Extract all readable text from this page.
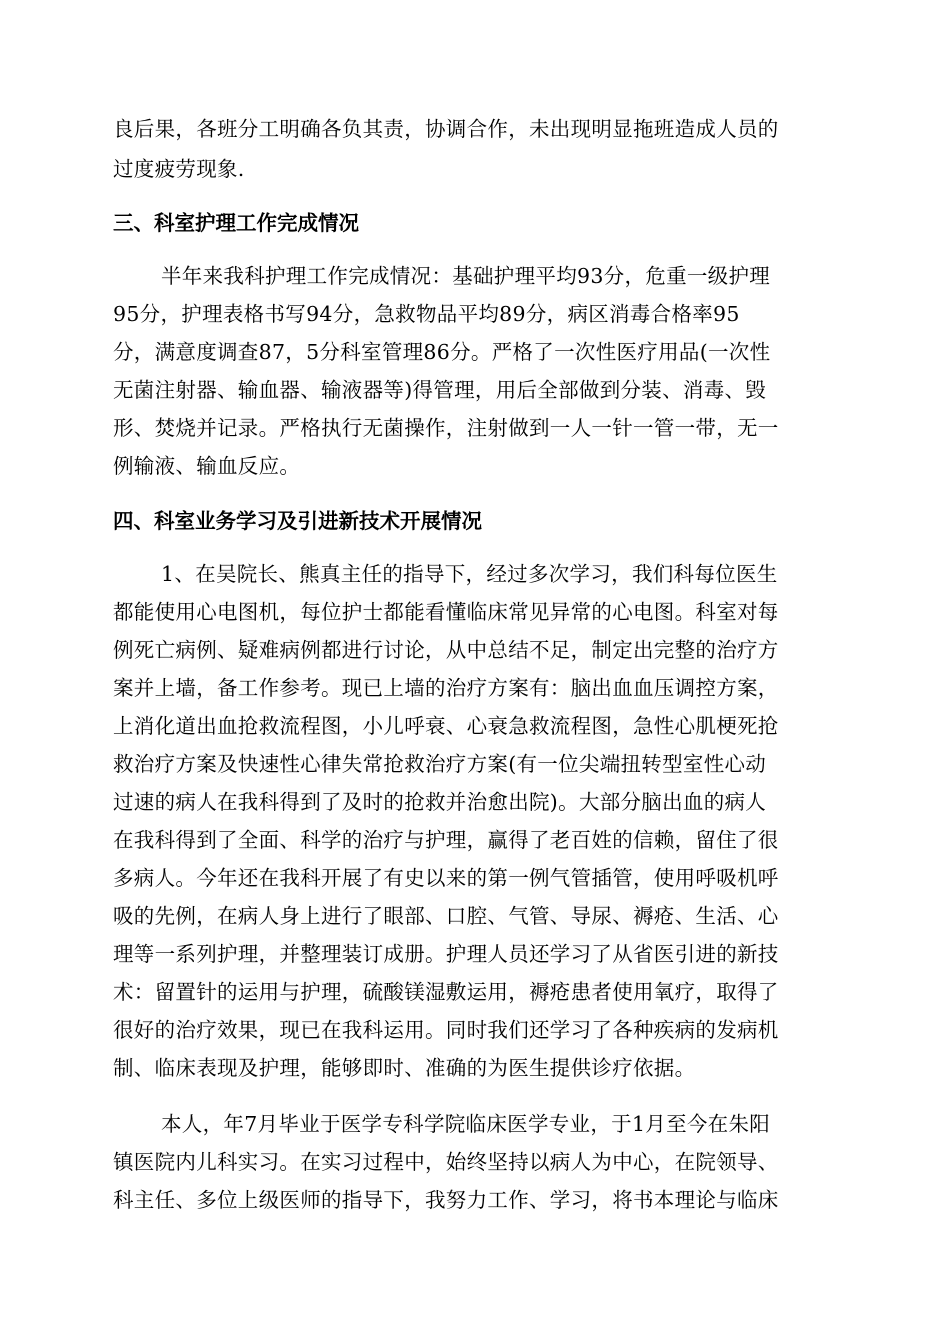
良后果，各班分工明确各负其责，协调合作，未出现明显拖班造成人员的
过度疲劳现象.
三、科室护理工作完成情况
半年来我科护理工作完成情况：基础护理平均93分，危重一级护理
95分，护理表格书写94分，急救物品平均89分，病区消毒合格率95
分，满意度调查87，5分科室管理86分。严格了一次性医疗用品(一次性
无菌注射器、输血器、输液器等)得管理，用后全部做到分装、消毒、毁
形、焚烧并记录。严格执行无菌操作，注射做到一人一针一管一带，无一
例输液、输血反应。
四、科室业务学习及引进新技术开展情况
1、在吴院长、熊真主任的指导下，经过多次学习，我们科每位医生
都能使用心电图机，每位护士都能看懂临床常见异常的心电图。科室对每
例死亡病例、疑难病例都进行讨论，从中总结不足，制定出完整的治疗方
案并上墙，备工作参考。现已上墙的治疗方案有：脑出血血压调控方案，
上消化道出血抢救流程图，小儿呼衰、心衰急救流程图，急性心肌梗死抢
救治疗方案及快速性心律失常抢救治疗方案(有一位尖端扭转型室性心动
过速的病人在我科得到了及时的抢救并治愈出院)。大部分脑出血的病人
在我科得到了全面、科学的治疗与护理，赢得了老百姓的信赖，留住了很
多病人。今年还在我科开展了有史以来的第一例气管插管，使用呼吸机呼
吸的先例，在病人身上进行了眼部、口腔、气管、导尿、褥疮、生活、心
理等一系列护理，并整理装订成册。护理人员还学习了从省医引进的新技
术：留置针的运用与护理，硫酸镁湿敷运用，褥疮患者使用氧疗，取得了
很好的治疗效果，现已在我科运用。同时我们还学习了各种疾病的发病机
制、临床表现及护理，能够即时、准确的为医生提供诊疗依据。
本人，年7月毕业于医学专科学院临床医学专业，于1月至今在朱阳
镇医院内儿科实习。在实习过程中，始终坚持以病人为中心，在院领导、
科主任、多位上级医师的指导下，我努力工作、学习，将书本理论与临床
